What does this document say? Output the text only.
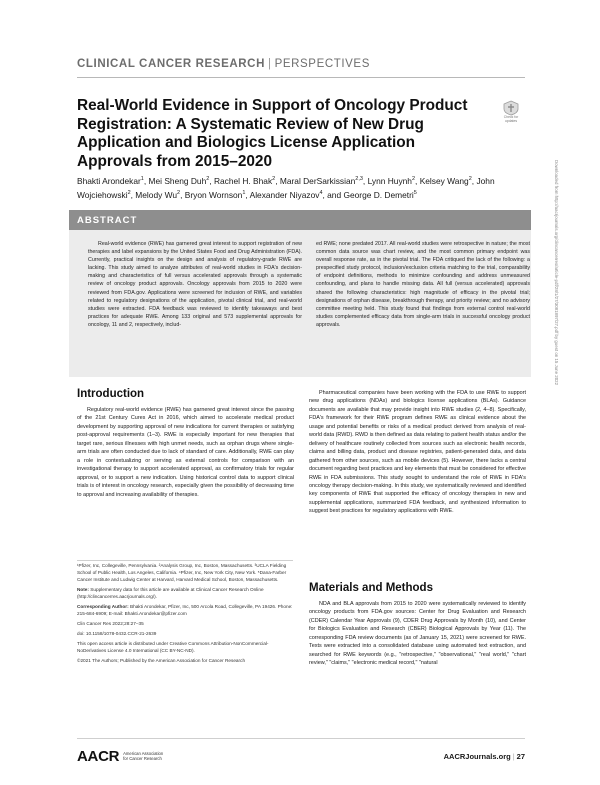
CLINICAL CANCER RESEARCH | PERSPECTIVES
Real-World Evidence in Support of Oncology Product Registration: A Systematic Review of New Drug Application and Biologics License Application Approvals from 2015–2020
Check for
updates
Bhakti Arondekar$^1$, Mei Sheng Duh$^2$, Rachel H. Bhak$^2$, Maral DerSarkissian$^{2,3}$, Lynn Huynh$^2$, Kelsey Wang$^2$, John Wojciehowski$^2$, Melody Wu$^2$, Bryon Wornson$^1$, Alexander Niyazov$^4$, and George D. Demetri$^5$
ABSTRACT

Real-world evidence (RWE) has garnered great interest to support registration of new therapies and label expansions by the United States Food and Drug Administration (FDA). Currently, practical insights on the design and analysis of regulatory-grade RWE are lacking. This study aimed to analyze attributes of real-world studies in FDA's decision-making and characteristics of full versus accelerated approvals through a systematic review of oncology product approvals. Oncology approvals from 2015 to 2020 were reviewed from FDA.gov. Applications were screened for inclusion of RWE, and variables related to regulatory designations of the application, pivotal clinical trial, and real-world studies were extracted. FDA feedback was reviewed to identify takeaways and best practices for adequate RWE. Among 133 original and 573 supplemental approvals for oncology, 11 and 2, respectively, includ-

ed RWE; none predated 2017. All real-world studies were retrospective in nature; the most common data source was chart review, and the most common primary endpoint was overall response rate, as in the pivotal trial. The FDA critiqued the lack of the following: a prespecified study protocol, inclusion/exclusion criteria matching to the trial, comparability of endpoint definitions, methods to minimize confounding and address unmeasured confounding, and plans to handle missing data. All full (versus accelerated) approvals shared the following characteristics: high magnitude of efficacy in the pivotal trial; designations of orphan disease, breakthrough therapy, and priority review; and no advisory committee meeting held. This study found that findings from external control real-world studies complemented efficacy data from single-arm trials in successful oncology product approvals.	Downloaded from http://aacrjournals.org/clincancerres/article-pdf/28/1/27/3081897/27.pdf by guest on 15 June 2022
Introduction

Regulatory real-world evidence (RWE) has garnered great interest since the passing of the 21st Century Cures Act in 2016, which aimed to accelerate medical product development by supporting approval of new indications for current therapies or satisfying post-approval requirements (1–3). RWE is especially important for new therapies that target rare, serious illnesses with high unmet needs, such as orphan drugs where single-arm trials are often conducted due to lack of standard of care. Additionally, RWE can play a role in contextualizing or serving as external controls for comparison with an investigational therapy to support accelerated approval, as confirmatory trials for regular approval, or to support a new indication. Using historical control data to support clinical trials is of interest in oncology research, especially given the possibility of decreasing time to approval and increasing availability of therapies.

Pharmaceutical companies have been working with the FDA to use RWE to support new drug applications (NDAs) and biologics license applications (BLAs). Guidance documents are available that may provide insight into RWE studies (2, 4–8). Specifically, FDA's framework for their RWE program defines RWE as clinical evidence about the usage and potential benefits or risks of a medical product derived from analysis of real-world data (RWD). RWD is then defined as data relating to patient health status and/or the delivery of healthcare routinely collected from sources such as electronic health records, claims and billing data, product and disease registries, patient-generated data, and data gathered from other sources, such as mobile devices (5). However, there lacks a central document regarding best practices and key elements that must be considered for effective RWE in FDA submissions. This study sought to understand the role of RWE in FDA's oncology therapy decision-making. In this study, we systematically reviewed and identified key components of RWE that supported the efficacy of oncology therapies in new and supplemental applications, summarized FDA feedback, and synthesized information to suggest best practices for regulatory applications with RWE.

Materials and Methods

NDA and BLA approvals from 2015 to 2020 were systematically reviewed to identify oncology products from FDA.gov sources: Center for Drug Evaluation and Research (CDER) Calendar Year Approvals (9), CDER Drug Approvals by Month (10), and Center for Biologics Evaluation and Research (CBER) Biological Approvals by Year (11). The corresponding FDA review documents (as of January 15, 2021) were screened for RWE. Texts were extracted into a consolidated database using automated text extraction, and searched for RWE keywords (e.g., "retrospective," "observational," "real world," "chart review," "claims," "electronic medical record," "natural

¹Pfizer, Inc, Collegeville, Pennsylvania. ²Analysis Group, Inc, Boston, Massachusetts. ³UCLA Fielding School of Public Health, Los Angeles, California. ⁴Pfizer, Inc, New York City, New York. ⁵Dana-Farber Cancer Institute and Ludwig Center at Harvard, Harvard Medical School, Boston, Massachusetts.

Note: Supplementary data for this article are available at Clinical Cancer Research Online (http://clincancerres.aacrjournals.org/).

Corresponding Author: Bhakti Arondekar, Pfizer, Inc, 500 Arcola Road, Collegeville, PA 19426. Phone: 215-684-6909; E-mail: Bhakti.Arondekar@pfizer.com

Clin Cancer Res 2022;28:27–35

doi: 10.1158/1078-0432.CCR-21-2639

This open access article is distributed under Creative Commons Attribution-NonCommercial-NoDerivatives License 4.0 International (CC BY-NC-ND).

©2021 The Authors; Published by the American Association for Cancer Research

AACR American Association
for Cancer Research	AACRJournals.org | 27
